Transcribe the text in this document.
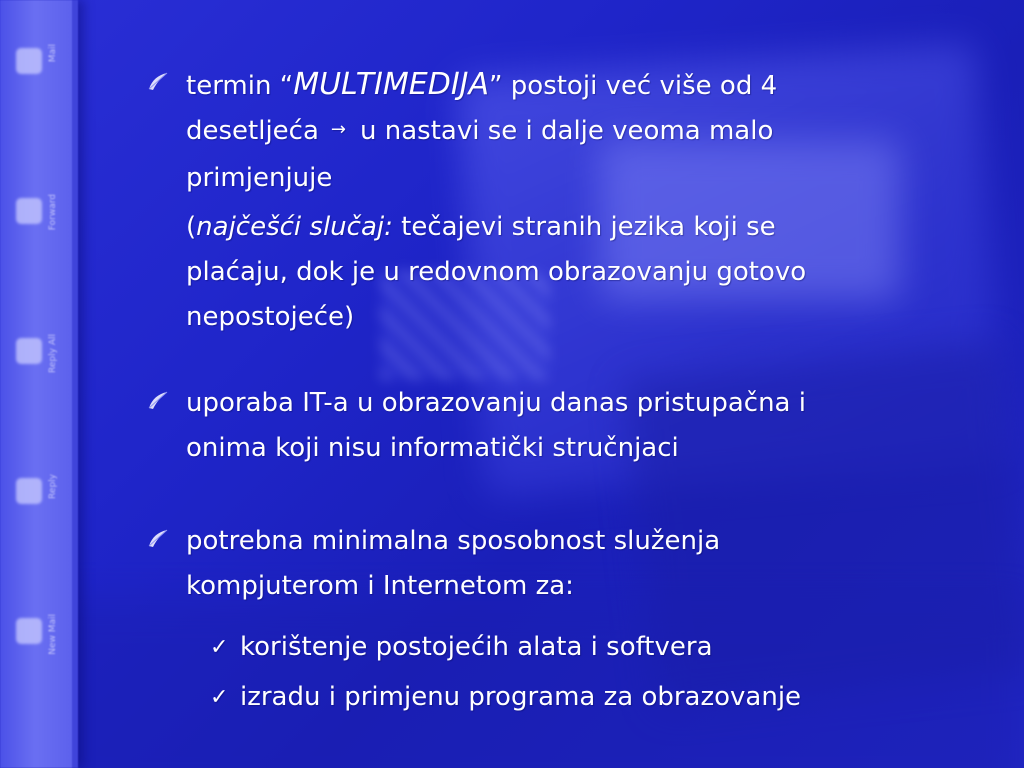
Mail
Forward
Reply All
Reply
New Mail
termin “MULTIMEDIJA” postoji već više od 4
desetljeća → u nastavi se i dalje veoma malo
primjenjuje
(najčešći slučaj: tečajevi stranih jezika koji se
plaćaju, dok je u redovnom obrazovanju gotovo
nepostojeće)
uporaba IT-a u obrazovanju danas pristupačna i
onima koji nisu informatički stručnjaci
potrebna minimalna sposobnost služenja
kompjuterom i Internetom za:
✓ korištenje postojećih alata i softvera
✓ izradu i primjenu programa za obrazovanje
